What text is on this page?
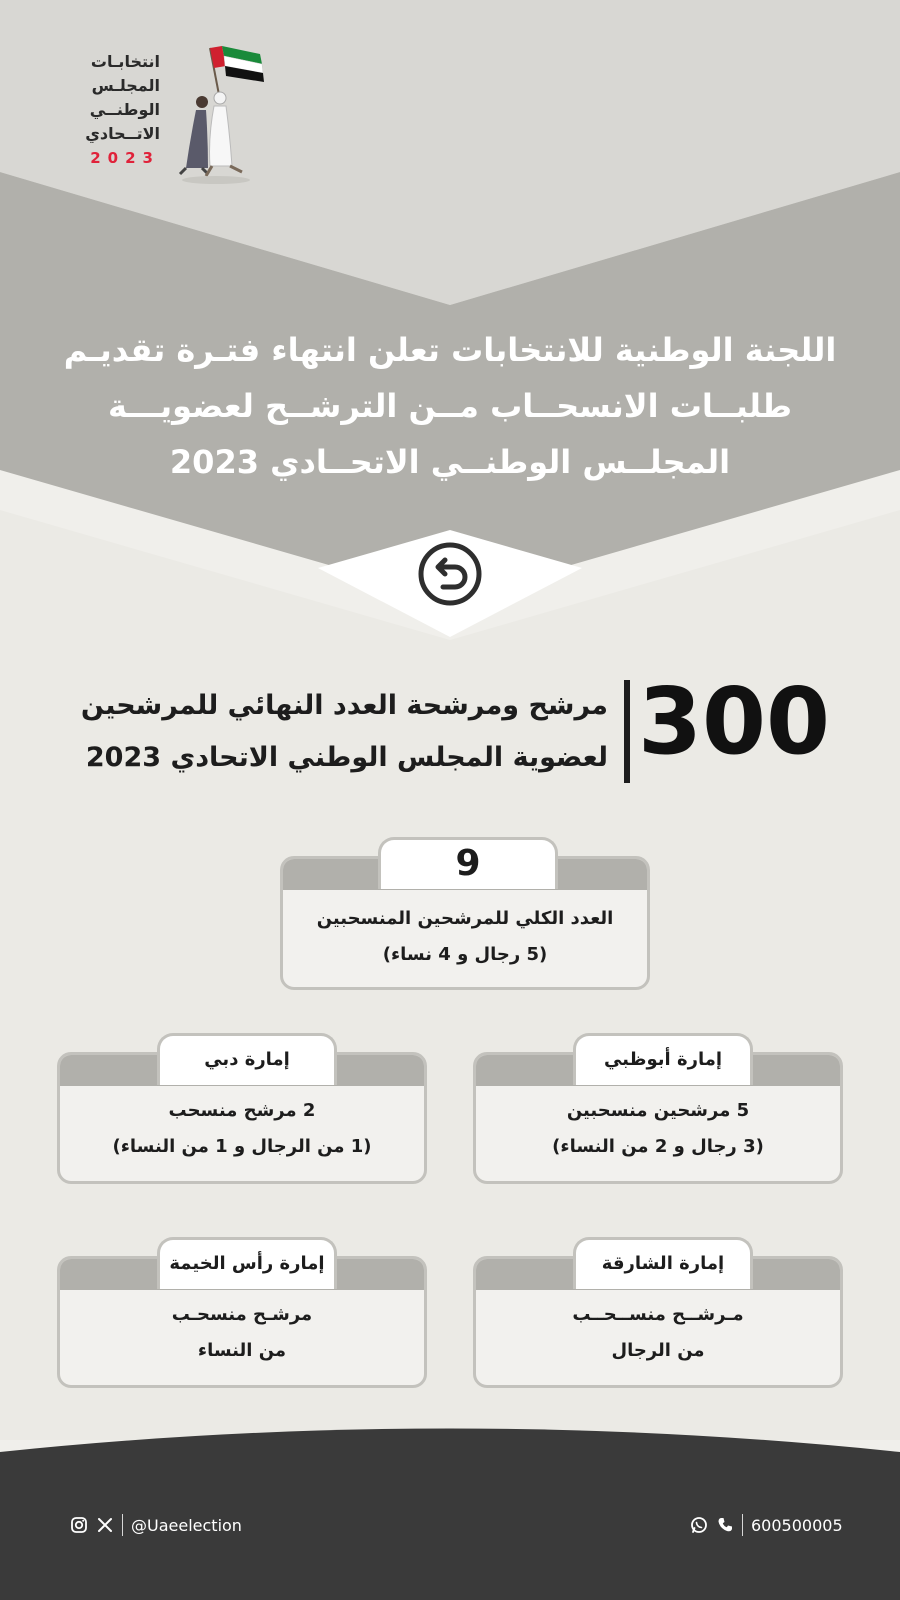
انتخابـات
المجلـس
الوطنــي
الاتــحادي
2023
اللجنة الوطنية للانتخابات تعلن انتهاء فتـرة تقديـم
طلبــات الانسحــاب مــن الترشــح لعضويـــة
المجلــس الوطنــي الاتحــادي 2023
300
مرشح ومرشحة العدد النهائي للمرشحين
لعضوية المجلس الوطني الاتحادي 2023
9
العدد الكلي للمرشحين المنسحبين
(5 رجال و 4 نساء)
إمارة أبوظبي
5 مرشحين منسحبين
(3 رجال و 2 من النساء)
إمارة دبي
2 مرشح منسحب
(1 من الرجال و 1 من النساء)
إمارة الشارقة
مـرشــح منســحــب
من الرجال
إمارة رأس الخيمة
مرشـح منسحـب
من النساء
@Uaeelection	600500005
